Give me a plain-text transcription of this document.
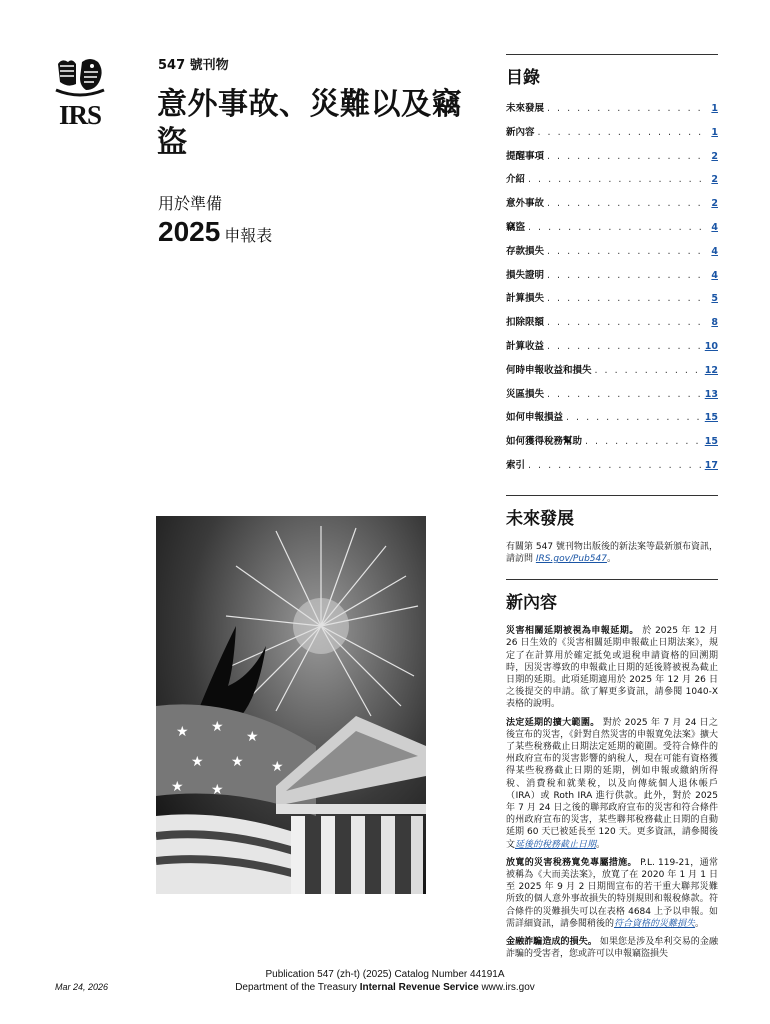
IRS
547 號刊物
意外事故、災難以及竊盜
用於準備
2025 申報表
★ ★
★
★ ★ ★
★ ★
目錄
未來發展 . . .	1
新內容 . . .	1
提醒事項 . . .	2
介紹 . . .	2
意外事故 . . .	2
竊盜 . . .	4
存款損失 . . .	4
損失證明 . . .	4
計算損失 . . .	5
扣除限額 . . .	8
計算收益 . . .	10
何時申報收益和損失 . . .	12
災區損失 . . .	13
如何申報損益 . . .	15
如何獲得稅務幫助 . . .	15
索引 . . .	17
未來發展

有關第 547 號刊物出版後的新法案等最新頒布資訊，請訪問 IRS.gov/Pub547。

新內容

災害相關延期被視為申報延期。 於 2025 年 12 月 26 日生效的《災害相關延期申報截止日期法案》，規定了在計算用於確定抵免或退稅申請資格的回溯期時，因災害導致的申報截止日期的延後將被視為截止日期的延期。此項延期適用於 2025 年 12 月 26 日之後提交的申請。欲了解更多資訊，請參閱 1040-X 表格的說明。

法定延期的擴大範圍。 對於 2025 年 7 月 24 日之後宣布的災害，《針對自然災害的申報寬免法案》擴大了某些稅務截止日期法定延期的範圍。受符合條件的州政府宣布的災害影響的納稅人，現在可能有資格獲得某些稅務截止日期的延期，例如申報或繳納所得稅、消費稅和就業稅，以及向傳統個人退休帳戶（IRA）或 Roth IRA 進行供款。此外，對於 2025 年 7 月 24 日之後的聯邦政府宣布的災害和符合條件的州政府宣布的災害，某些聯邦稅務截止日期的自動延期 60 天已被延長至 120 天。更多資訊，請參閱後文延後的稅務截止日期。

放寬的災害稅務寬免專屬措施。 P.L. 119-21，通常被稱為《大而美法案》，放寬了在 2020 年 1 月 1 日至 2025 年 9 月 2 日期間宣布的若干重大聯邦災難所致的個人意外事故損失的特別規則和報稅條款。符合條件的災難損失可以在表格 4684 上予以申報。如需詳細資訊，請參閱稍後的符合資格的災難損失。

金融詐騙造成的損失。 如果您是涉及牟利交易的金融詐騙的受害者，您或許可以申報竊盜損失

Mar 24, 2026
Publication 547 (zh-t) (2025) Catalog Number 44191A
Department of the Treasury Internal Revenue Service www.irs.gov
